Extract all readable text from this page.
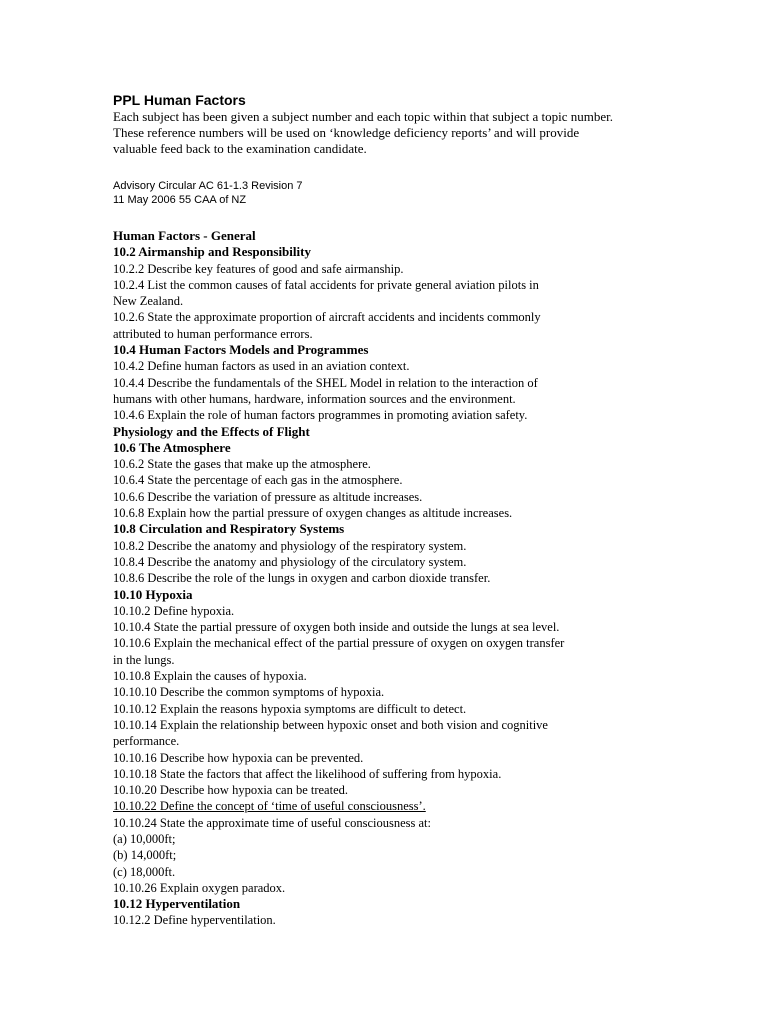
PPL Human Factors

Each subject has been given a subject number and each topic within that subject a topic number.
These reference numbers will be used on ‘knowledge deficiency reports’ and will provide
valuable feed back to the examination candidate.

Advisory Circular AC 61-1.3 Revision 7
11 May 2006 55 CAA of NZ
Human Factors - General
10.2 Airmanship and Responsibility
10.2.2 Describe key features of good and safe airmanship.
10.2.4 List the common causes of fatal accidents for private general aviation pilots in
New Zealand.
10.2.6 State the approximate proportion of aircraft accidents and incidents commonly
attributed to human performance errors.
10.4 Human Factors Models and Programmes
10.4.2 Define human factors as used in an aviation context.
10.4.4 Describe the fundamentals of the SHEL Model in relation to the interaction of
humans with other humans, hardware, information sources and the environment.
10.4.6 Explain the role of human factors programmes in promoting aviation safety.
Physiology and the Effects of Flight
10.6 The Atmosphere
10.6.2 State the gases that make up the atmosphere.
10.6.4 State the percentage of each gas in the atmosphere.
10.6.6 Describe the variation of pressure as altitude increases.
10.6.8 Explain how the partial pressure of oxygen changes as altitude increases.
10.8 Circulation and Respiratory Systems
10.8.2 Describe the anatomy and physiology of the respiratory system.
10.8.4 Describe the anatomy and physiology of the circulatory system.
10.8.6 Describe the role of the lungs in oxygen and carbon dioxide transfer.
10.10 Hypoxia
10.10.2 Define hypoxia.
10.10.4 State the partial pressure of oxygen both inside and outside the lungs at sea level.
10.10.6 Explain the mechanical effect of the partial pressure of oxygen on oxygen transfer
in the lungs.
10.10.8 Explain the causes of hypoxia.
10.10.10 Describe the common symptoms of hypoxia.
10.10.12 Explain the reasons hypoxia symptoms are difficult to detect.
10.10.14 Explain the relationship between hypoxic onset and both vision and cognitive
performance.
10.10.16 Describe how hypoxia can be prevented.
10.10.18 State the factors that affect the likelihood of suffering from hypoxia.
10.10.20 Describe how hypoxia can be treated.
10.10.22 Define the concept of ‘time of useful consciousness’.
10.10.24 State the approximate time of useful consciousness at:
(a) 10,000ft;
(b) 14,000ft;
(c) 18,000ft.
10.10.26 Explain oxygen paradox.
10.12 Hyperventilation
10.12.2 Define hyperventilation.
